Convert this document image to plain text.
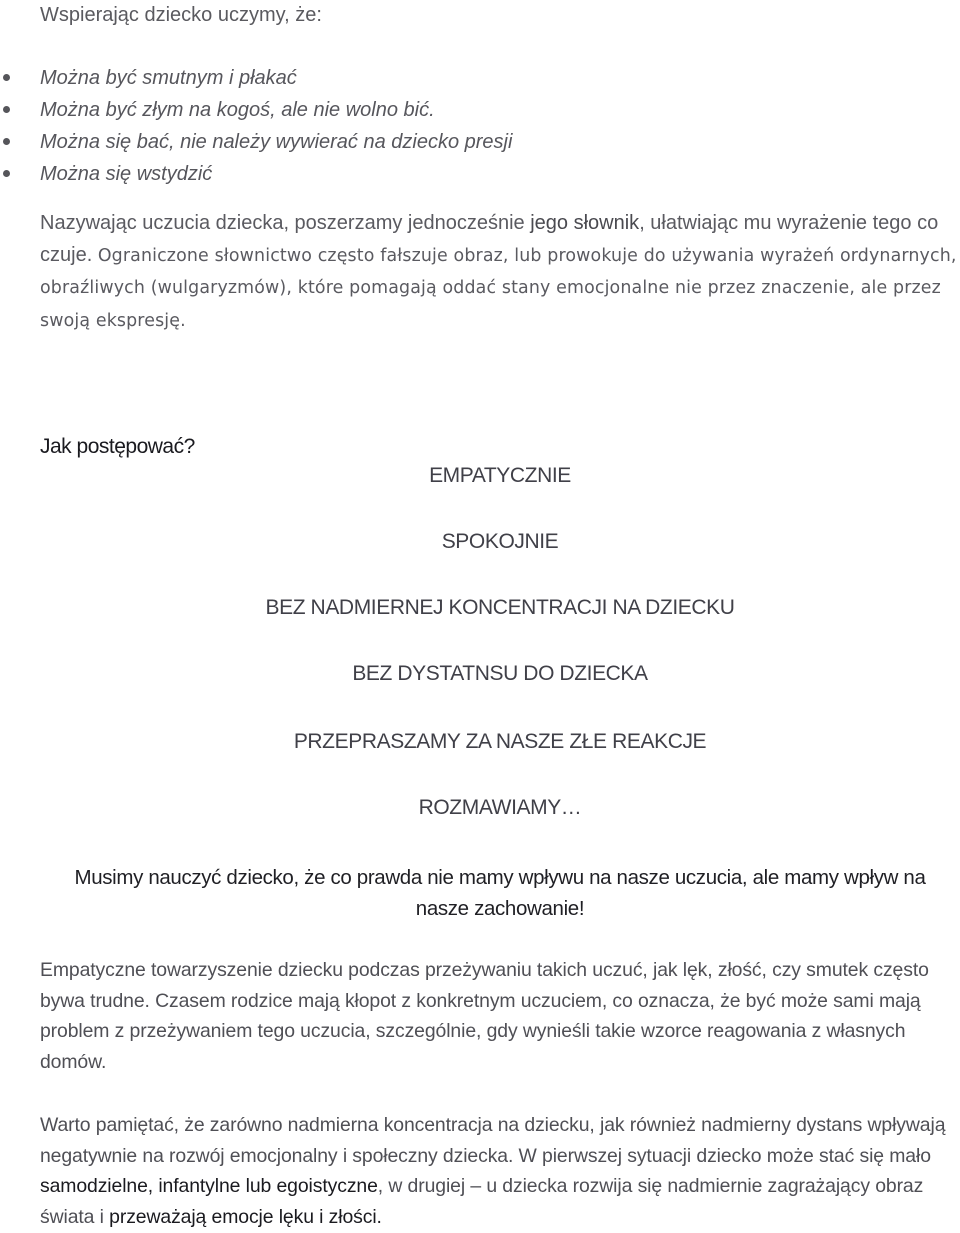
Wspierając dziecko uczymy, że:
Można być smutnym i płakać
Można być złym na kogoś, ale nie wolno bić.
Można się bać, nie należy wywierać na dziecko presji
Można się wstydzić

Nazywając uczucia dziecka, poszerzamy jednocześnie jego słownik, ułatwiając mu wyrażenie tego co czuje. Ograniczone słownictwo często fałszuje obraz, lub prowokuje do używania wyrażeń ordynarnych, obraźliwych (wulgaryzmów), które pomagają oddać stany emocjonalne nie przez znaczenie, ale przez swoją ekspresję.

Jak postępować?
EMPATYCZNIE
SPOKOJNIE
BEZ NADMIERNEJ KONCENTRACJI NA DZIECKU
BEZ DYSTATNSU DO DZIECKA
PRZEPRASZAMY ZA NASZE ZŁE REAKCJE
ROZMAWIAMY…
Musimy nauczyć dziecko, że co prawda nie mamy wpływu na nasze uczucia, ale mamy wpływ na
nasze zachowanie!

Empatyczne towarzyszenie dziecku podczas przeżywaniu takich uczuć, jak lęk, złość, czy smutek często bywa trudne. Czasem rodzice mają kłopot z konkretnym uczuciem, co oznacza, że być może sami mają problem z przeżywaniem tego uczucia, szczególnie, gdy wynieśli takie wzorce reagowania z własnych domów.

Warto pamiętać, że zarówno nadmierna koncentracja na dziecku, jak również nadmierny dystans wpływają negatywnie na rozwój emocjonalny i społeczny dziecka. W pierwszej sytuacji dziecko może stać się mało samodzielne, infantylne lub egoistyczne, w drugiej – u dziecka rozwija się nadmiernie zagrażający obraz świata i przeważają emocje lęku i złości.
